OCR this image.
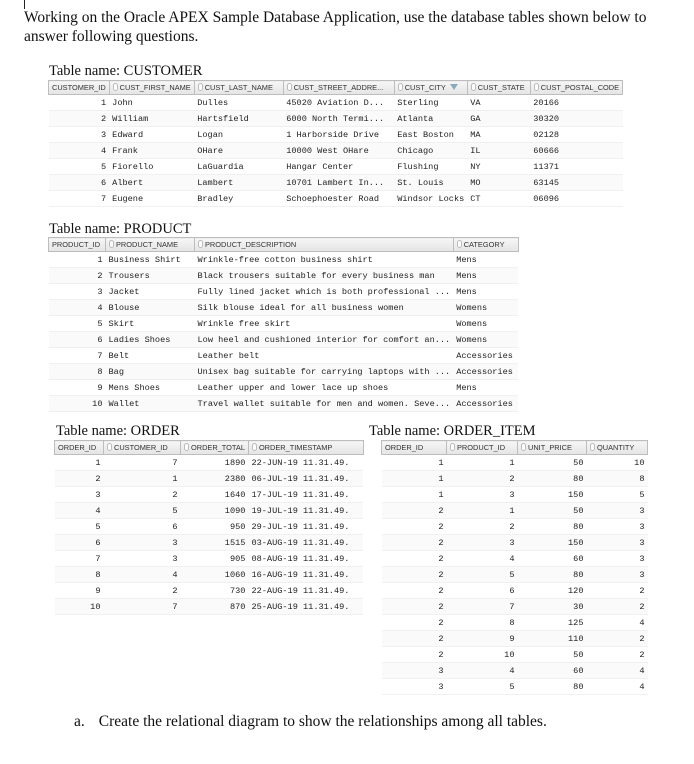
Working on the Oracle APEX Sample Database Application, use the database tables shown below to answer following questions.
Table name: CUSTOMER
CUSTOMER_ID	CUST_FIRST_NAME	CUST_LAST_NAME	CUST_STREET_ADDRE...	CUST_CITY	CUST_STATE	CUST_POSTAL_CODE
1	John	Dulles	45020 Aviation D...	Sterling	VA	20166
2	William	Hartsfield	6000 North Termi...	Atlanta	GA	30320
3	Edward	Logan	1 Harborside Drive	East Boston	MA	02128
4	Frank	OHare	10000 West OHare	Chicago	IL	60666
5	Fiorello	LaGuardia	Hangar Center	Flushing	NY	11371
6	Albert	Lambert	10701 Lambert In...	St. Louis	MO	63145
7	Eugene	Bradley	Schoephoester Road	Windsor Locks	CT	06096
Table name: PRODUCT
PRODUCT_ID	PRODUCT_NAME	PRODUCT_DESCRIPTION	CATEGORY
1	Business Shirt	Wrinkle-free cotton business shirt	Mens
2	Trousers	Black trousers suitable for every business man	Mens
3	Jacket	Fully lined jacket which is both professional ...	Mens
4	Blouse	Silk blouse ideal for all business women	Womens
5	Skirt	Wrinkle free skirt	Womens
6	Ladies Shoes	Low heel and cushioned interior for comfort an...	Womens
7	Belt	Leather belt	Accessories
8	Bag	Unisex bag suitable for carrying laptops with ...	Accessories
9	Mens Shoes	Leather upper and lower lace up shoes	Mens
10	Wallet	Travel wallet suitable for men and women. Seve...	Accessories
Table name: ORDER
ORDER_ID	CUSTOMER_ID	ORDER_TOTAL	ORDER_TIMESTAMP
1	7	1890	22-JUN-19 11.31.49.
2	1	2380	06-JUL-19 11.31.49.
3	2	1640	17-JUL-19 11.31.49.
4	5	1090	19-JUL-19 11.31.49.
5	6	950	29-JUL-19 11.31.49.
6	3	1515	03-AUG-19 11.31.49.
7	3	905	08-AUG-19 11.31.49.
8	4	1060	16-AUG-19 11.31.49.
9	2	730	22-AUG-19 11.31.49.
10	7	870	25-AUG-19 11.31.49.
Table name: ORDER_ITEM
ORDER_ID	PRODUCT_ID	UNIT_PRICE	QUANTITY
1	1	50	10
1	2	80	8
1	3	150	5
2	1	50	3
2	2	80	3
2	3	150	3
2	4	60	3
2	5	80	3
2	6	120	2
2	7	30	2
2	8	125	4
2	9	110	2
2	10	50	2
3	4	60	4
3	5	80	4
a. Create the relational diagram to show the relationships among all tables.
